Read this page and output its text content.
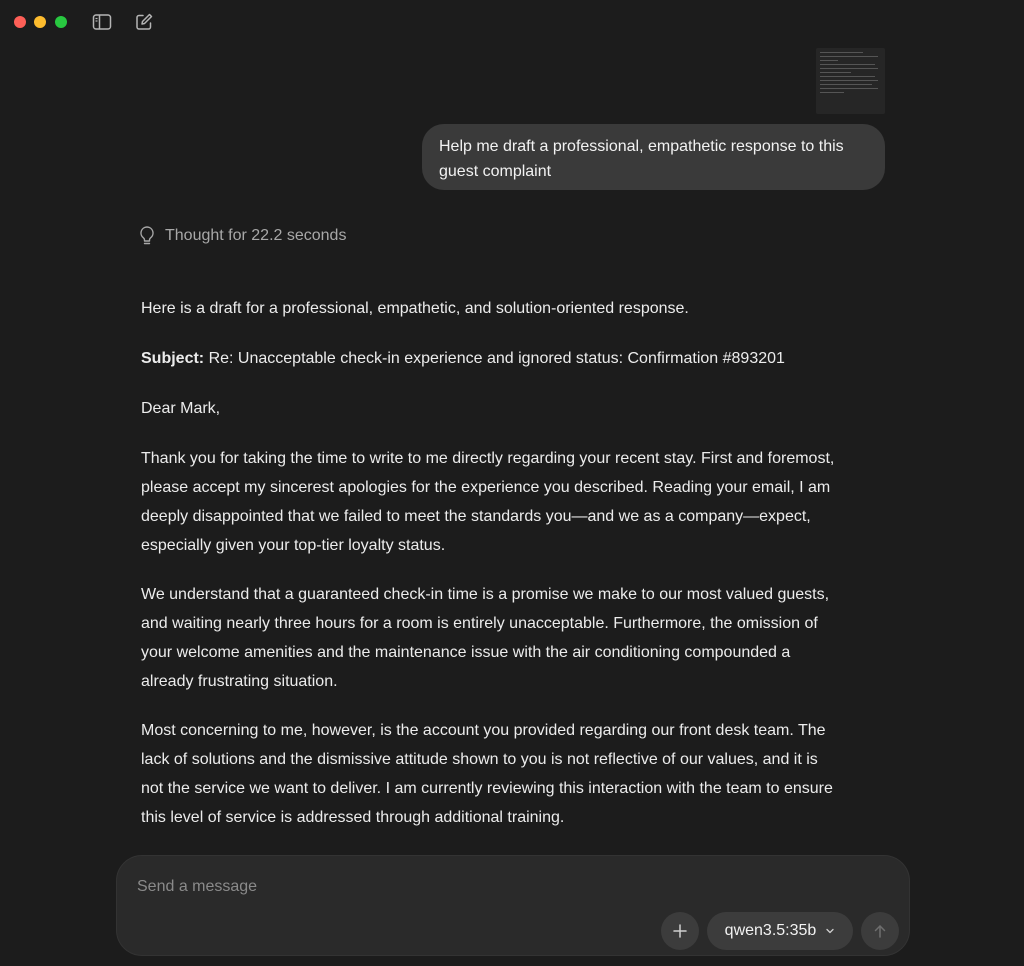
Help me draft a professional, empathetic response to this
guest complaint
Thought for 22.2 seconds
Here is a draft for a professional, empathetic, and solution-oriented response.
Subject: Re: Unacceptable check-in experience and ignored status: Confirmation #893201
Dear Mark,
Thank you for taking the time to write to me directly regarding your recent stay. First and foremost,
please accept my sincerest apologies for the experience you described. Reading your email, I am
deeply disappointed that we failed to meet the standards you—and we as a company—expect,
especially given your top-tier loyalty status.
We understand that a guaranteed check-in time is a promise we make to our most valued guests,
and waiting nearly three hours for a room is entirely unacceptable. Furthermore, the omission of
your welcome amenities and the maintenance issue with the air conditioning compounded a
already frustrating situation.
Most concerning to me, however, is the account you provided regarding our front desk team. The
lack of solutions and the dismissive attitude shown to you is not reflective of our values, and it is
not the service we want to deliver. I am currently reviewing this interaction with the team to ensure
this level of service is addressed through additional training.
Send a message
qwen3.5:35b
